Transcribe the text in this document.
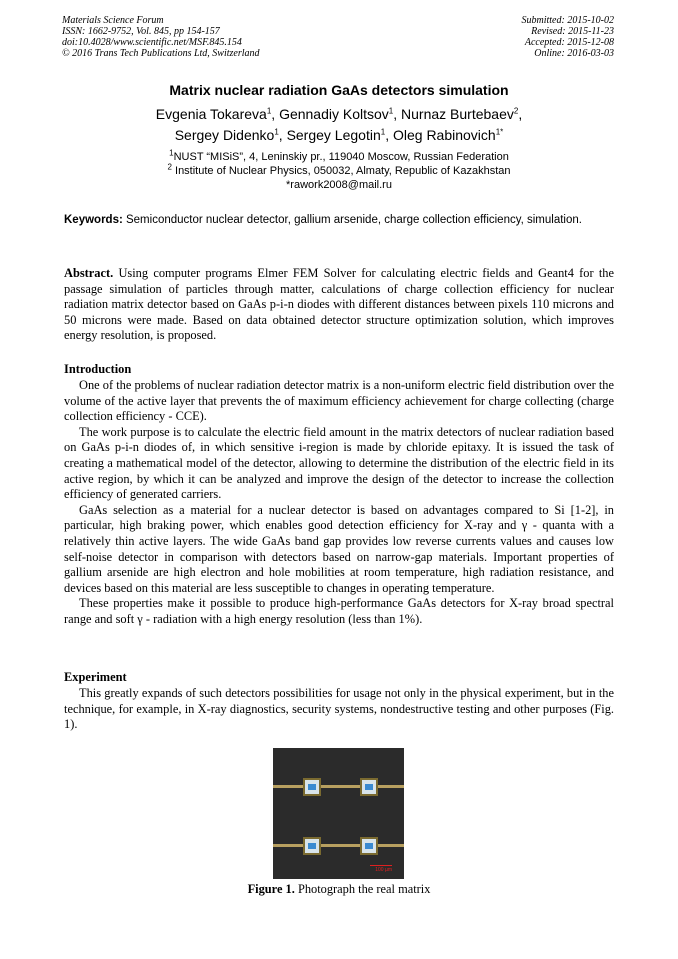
Materials Science Forum
ISSN: 1662-9752, Vol. 845, pp 154-157
doi:10.4028/www.scientific.net/MSF.845.154
© 2016 Trans Tech Publications Ltd, Switzerland
Submitted: 2015-10-02
Revised: 2015-11-23
Accepted: 2015-12-08
Online: 2016-03-03
Matrix nuclear radiation GaAs detectors simulation
Evgenia Tokareva$^1$, Gennadiy Koltsov$^1$, Nurnaz Burtebaev$^2$,
Sergey Didenko$^1$, Sergey Legotin$^1$, Oleg Rabinovich$^{1*}$
$^1$NUST “MISiS”, 4, Leninskiy pr., 119040 Moscow, Russian Federation
$^2$ Institute of Nuclear Physics, 050032, Almaty, Republic of Kazakhstan
*rawork2008@mail.ru
Keywords: Semiconductor nuclear detector, gallium arsenide, charge collection efficiency, simulation.
Abstract. Using computer programs Elmer FEM Solver for calculating electric fields and Geant4 for the passage simulation of particles through matter, calculations of charge collection efficiency for nuclear radiation matrix detector based on GaAs p-i-n diodes with different distances between pixels 110 microns and 50 microns were made. Based on data obtained detector structure optimization solution, which improves energy resolution, is proposed.
Introduction

One of the problems of nuclear radiation detector matrix is a non-uniform electric field distribution over the volume of the active layer that prevents the of maximum efficiency achievement for charge collecting (charge collection efficiency - CCE).

The work purpose is to calculate the electric field amount in the matrix detectors of nuclear radiation based on GaAs p-i-n diodes of, in which sensitive i-region is made by chloride epitaxy. It is issued the task of creating a mathematical model of the detector, allowing to determine the distribution of the electric field in its active region, by which it can be analyzed and improve the design of the detector to increase the collection efficiency of generated carriers.

GaAs selection as a material for a nuclear detector is based on advantages compared to Si [1-2], in particular, high braking power, which enables good detection efficiency for X-ray and γ - quanta with a relatively thin active layers. The wide GaAs band gap provides low reverse currents values and causes low self-noise detector in comparison with detectors based on narrow-gap materials. Important properties of gallium arsenide are high electron and hole mobilities at room temperature, high radiation resistance, and devices based on this material are less susceptible to changes in operating temperature.

These properties make it possible to produce high-performance GaAs detectors for X-ray broad spectral range and soft γ - radiation with a high energy resolution (less than 1%).

Experiment

This greatly expands of such detectors possibilities for usage not only in the physical experiment, but in the technique, for example, in X-ray diagnostics, security systems, nondestructive testing and other purposes (Fig. 1).

100 µm
Figure 1. Photograph the real matrix
